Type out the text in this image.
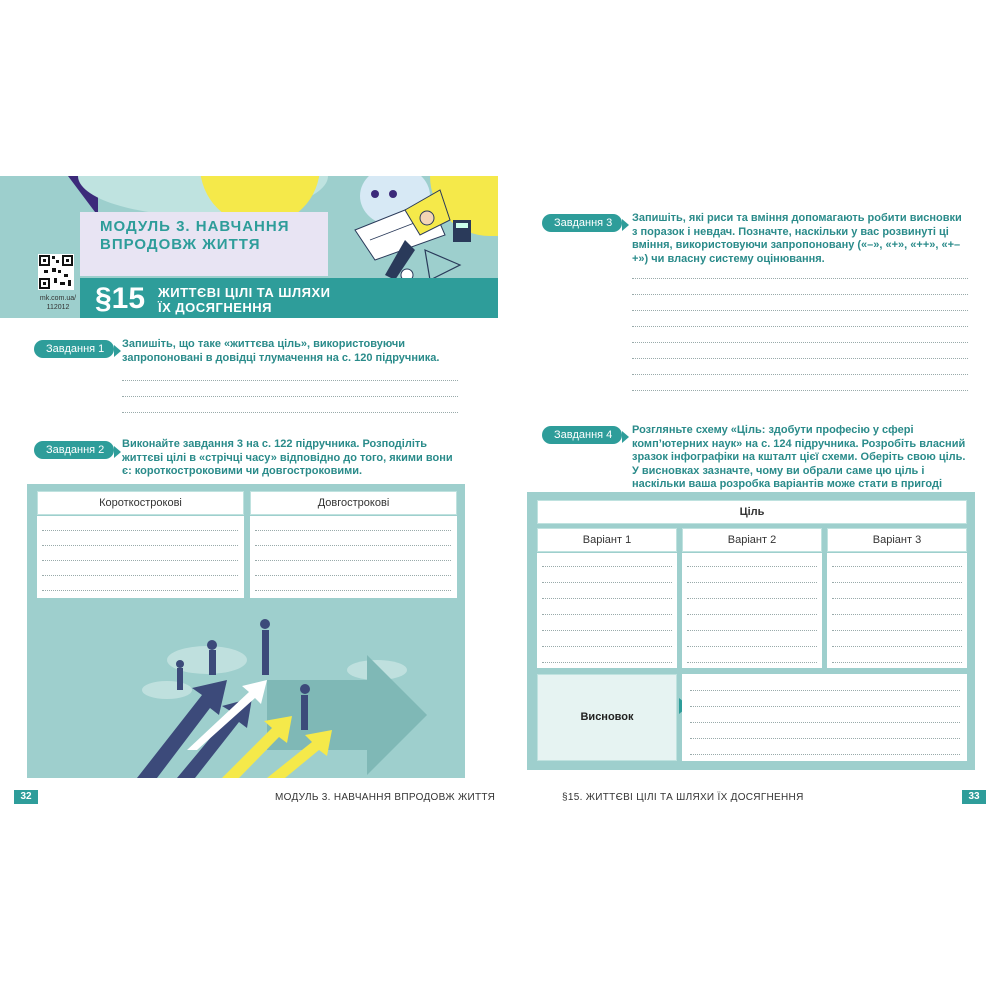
МОДУЛЬ 3. НАВЧАННЯ ВПРОДОВЖ ЖИТТЯ
§15 ЖИТТЄВІ ЦІЛІ ТА ШЛЯХИ ЇХ ДОСЯГНЕННЯ
mk.com.ua/ 112012
Завдання 1	Запишіть, що таке «життєва ціль», використовуючи запропоновані в довідці тлумачення на с. 120 підручника.
Завдання 2	Виконайте завдання 3 на с. 122 підручника. Розподіліть життєві цілі в «стрічці часу» відповідно до того, якими вони є: короткостроковими чи довгостроковими.
Короткострокові	Довгострокові
32	МОДУЛЬ 3. НАВЧАННЯ ВПРОДОВЖ ЖИТТЯ
Завдання 3	Запишіть, які риси та вміння допомагають робити висновки з поразок і невдач. Позначте, наскільки у вас розвинуті ці вміння, використовуючи запропоновану («–», «+», «++», «+–+») чи власну систему оцінювання.
Завдання 4	Розгляньте схему «Ціль: здобути професію у сфері комп’ютерних наук» на с. 124 підручника. Розробіть власний зразок інфографіки на кшталт цієї схеми. Оберіть свою ціль. У висновках зазначте, чому ви обрали саме цю ціль і наскільки ваша розробка варіантів може стати в пригоді
Ціль
Варіант 1	Варіант 2	Варіант 3
Висновок
§15. ЖИТТЄВІ ЦІЛІ ТА ШЛЯХИ ЇХ ДОСЯГНЕННЯ	33
